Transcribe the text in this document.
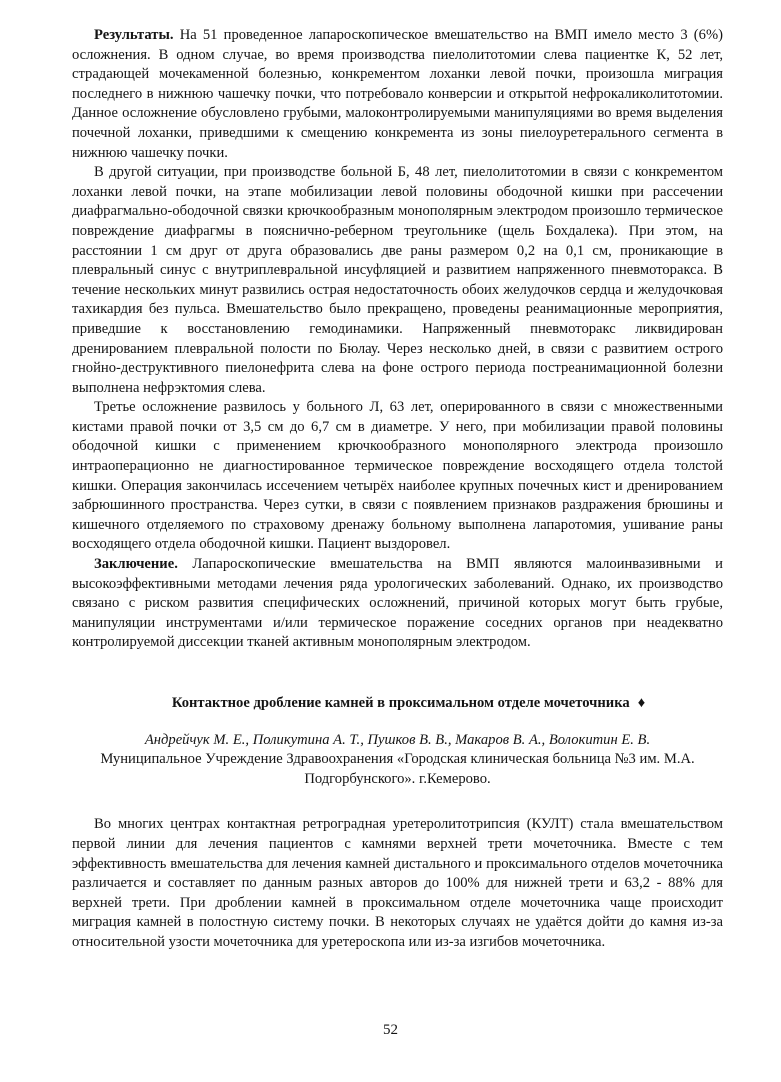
Результаты. На 51 проведенное лапароскопическое вмешательство на ВМП имело место 3 (6%) осложнения. В одном случае, во время производства пиелолитотомии слева пациентке К, 52 лет, страдающей мочекаменной болезнью, конкрементом лоханки левой почки, произошла миграция последнего в нижнюю чашечку почки, что потребовало конверсии и открытой нефрокаликолитотомии. Данное осложнение обусловлено грубыми, малоконтролируемыми манипуляциями во время выделения почечной лоханки, приведшими к смещению конкремента из зоны пиелоуретерального сегмента в нижнюю чашечку почки.

В другой ситуации, при производстве больной Б, 48 лет, пиелолитотомии в связи с конкрементом лоханки левой почки, на этапе мобилизации левой половины ободочной кишки при рассечении диафрагмально-ободочной связки крючкообразным монополярным электродом произошло термическое повреждение диафрагмы в пояснично-реберном треугольнике (щель Бохдалека). При этом, на расстоянии 1 см друг от друга образовались две раны размером 0,2 на 0,1 см, проникающие в плевральный синус с внутриплевральной инсуфляцией и развитием напряженного пневмоторакса. В течение нескольких минут развились острая недостаточность обоих желудочков сердца и желудочковая тахикардия без пульса. Вмешательство было прекращено, проведены реанимационные мероприятия, приведшие к восстановлению гемодинамики. Напряженный пневмоторакс ликвидирован дренированием плевральной полости по Бюлау. Через несколько дней, в связи с развитием острого гнойно-деструктивного пиелонефрита слева на фоне острого периода постреанимационной болезни выполнена нефрэктомия слева.

Третье осложнение развилось у больного Л, 63 лет, оперированного в связи с множественными кистами правой почки от 3,5 см до 6,7 см в диаметре. У него, при мобилизации правой половины ободочной кишки с применением крючкообразного монополярного электрода произошло интраоперационно не диагностированное термическое повреждение восходящего отдела толстой кишки. Операция закончилась иссечением четырёх наиболее крупных почечных кист и дренированием забрюшинного пространства. Через сутки, в связи с появлением признаков раздражения брюшины и кишечного отделяемого по страховому дренажу больному выполнена лапаротомия, ушивание раны восходящего отдела ободочной кишки. Пациент выздоровел.

Заключение. Лапароскопические вмешательства на ВМП являются малоинвазивными и высокоэффективными методами лечения ряда урологических заболеваний. Однако, их производство связано с риском развития специфических осложнений, причиной которых могут быть грубые, манипуляции инструментами и/или термическое поражение соседних органов при неадекватно контролируемой диссекции тканей активным монополярным электродом.

Контактное дробление камней в проксимальном отделе мочеточника ♦
Андрейчук М. Е., Поликутина А. Т., Пушков В. В., Макаров В. А., Волокитин Е. В.
Муниципальное Учреждение Здравоохранения «Городская клиническая больница №3 им. М.А. Подгорбунского». г.Кемерово.

Во многих центрах контактная ретроградная уретеролитотрипсия (КУЛТ) стала вмешательством первой линии для лечения пациентов с камнями верхней трети мочеточника. Вместе с тем эффективность вмешательства для лечения камней дистального и проксимального отделов мочеточника различается и составляет по данным разных авторов до 100% для нижней трети и 63,2 - 88% для верхней трети. При дроблении камней в проксимальном отделе мочеточника чаще происходит миграция камней в полостную систему почки. В некоторых случаях не удаётся дойти до камня из-за относительной узости мочеточника для уретероскопа или из-за изгибов мочеточника.

52
